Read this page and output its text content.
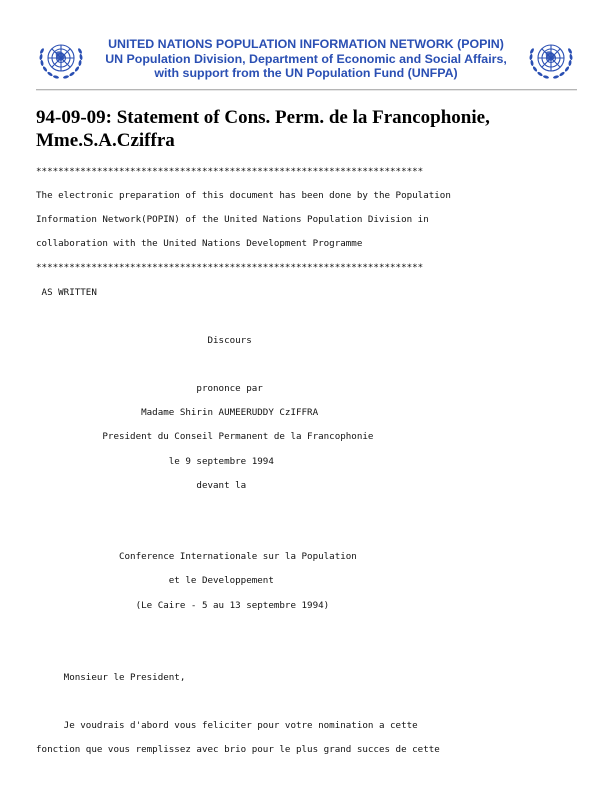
UNITED NATIONS POPULATION INFORMATION NETWORK (POPIN)
UN Population Division, Department of Economic and Social Affairs,
with support from the UN Population Fund (UNFPA)
94-09-09: Statement of Cons. Perm. de la Francophonie,
Mme.S.A.Cziffra

**********************************************************************

The electronic preparation of this document has been done by the Population

Information Network(POPIN) of the United Nations Population Division in

collaboration with the United Nations Development Programme

**********************************************************************

AS WRITTEN

Discours

prononce par

Madame Shirin AUMEERUDDY CzIFFRA

President du Conseil Permanent de la Francophonie

le 9 septembre 1994

devant la

Conference Internationale sur la Population

et le Developpement

(Le Caire - 5 au 13 septembre 1994)

Monsieur le President,

Je voudrais d'abord vous feliciter pour votre nomination a cette

fonction que vous remplissez avec brio pour le plus grand succes de cette
